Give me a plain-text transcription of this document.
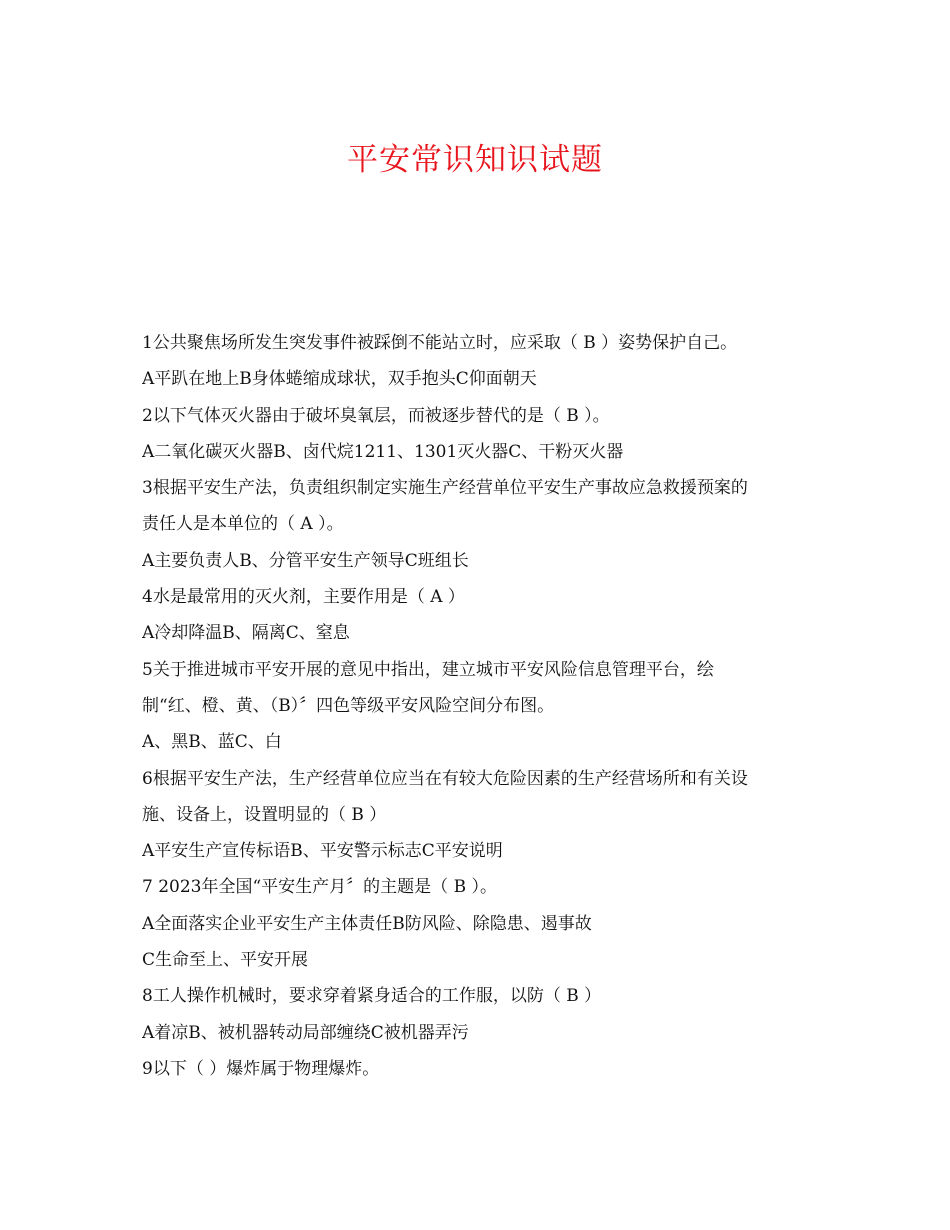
平安常识知识试题
1公共聚焦场所发生突发事件被踩倒不能站立时，应采取（ B ）姿势保护自己。
A平趴在地上B身体蜷缩成球状，双手抱头C仰面朝天
2以下气体灭火器由于破坏臭氧层，而被逐步替代的是（ B ）。
A二氧化碳灭火器B、卤代烷1211、1301灭火器C、干粉灭火器
3根据平安生产法，负责组织制定实施生产经营单位平安生产事故应急救援预案的
责任人是本单位的（ A ）。
A主要负责人B、分管平安生产领导C班组长
4水是最常用的灭火剂，主要作用是（ A ）
A冷却降温B、隔离C、窒息
5关于推进城市平安开展的意见中指出，建立城市平安风险信息管理平台，绘
制“红、橙、黄、（B）〞四色等级平安风险空间分布图。
A、黑B、蓝C、白
6根据平安生产法，生产经营单位应当在有较大危险因素的生产经营场所和有关设
施、设备上，设置明显的（ B ）
A平安生产宣传标语B、平安警示标志C平安说明
7 2023年全国“平安生产月〞的主题是（ B ）。
A全面落实企业平安生产主体责任B防风险、除隐患、遏事故
C生命至上、平安开展
8工人操作机械时，要求穿着紧身适合的工作服，以防（ B ）
A着凉B、被机器转动局部缠绕C被机器弄污
9以下（ ）爆炸属于物理爆炸。
